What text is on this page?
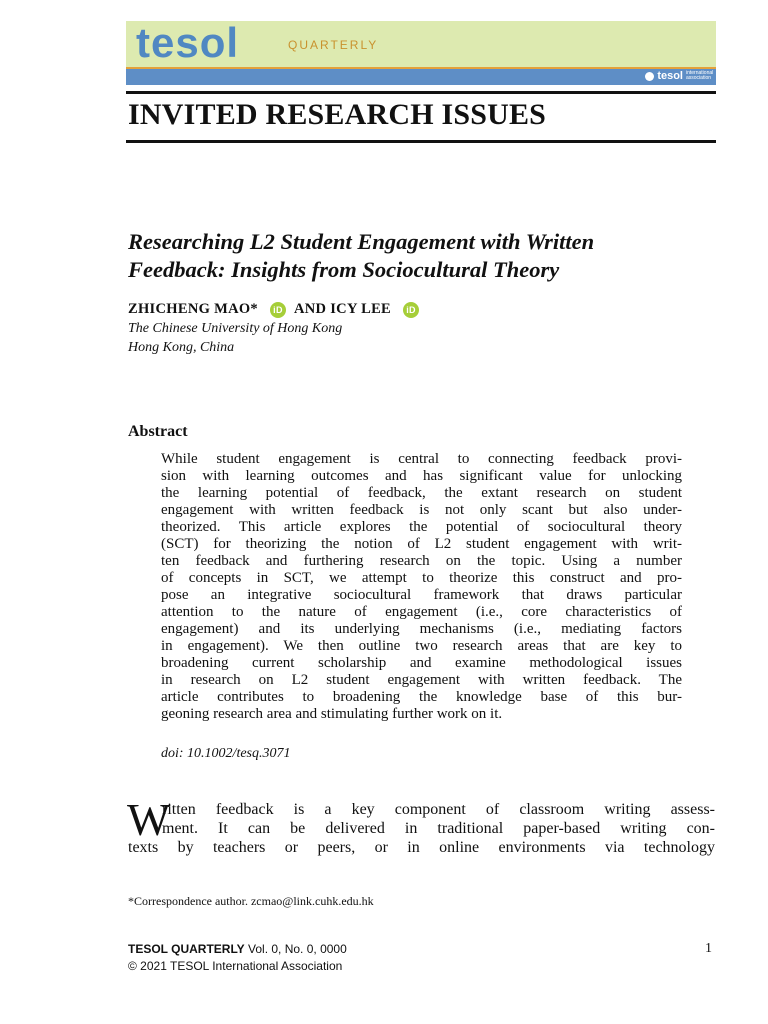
tesol	QUARTERLY
tesol international association
INVITED RESEARCH ISSUES
Researching L2 Student Engagement with Written
Feedback: Insights from Sociocultural Theory
ZHICHENG MAO*	iD AND ICY LEE	iD
The Chinese University of Hong Kong
Hong Kong, China
Abstract
While student engagement is central to connecting feedback provi-
sion with learning outcomes and has significant value for unlocking
the learning potential of feedback, the extant research on student
engagement with written feedback is not only scant but also under-
theorized. This article explores the potential of sociocultural theory
(SCT) for theorizing the notion of L2 student engagement with writ-
ten feedback and furthering research on the topic. Using a number
of concepts in SCT, we attempt to theorize this construct and pro-
pose an integrative sociocultural framework that draws particular
attention to the nature of engagement (i.e., core characteristics of
engagement) and its underlying mechanisms (i.e., mediating factors
in engagement). We then outline two research areas that are key to
broadening current scholarship and examine methodological issues
in research on L2 student engagement with written feedback. The
article contributes to broadening the knowledge base of this bur-
geoning research area and stimulating further work on it.
doi: 10.1002/tesq.3071
W
ritten feedback is a key component of classroom writing assess-
ment. It can be delivered in traditional paper-based writing con-
texts by teachers or peers, or in online environments via technology
*Correspondence author. zcmao@link.cuhk.edu.hk
TESOL QUARTERLY Vol. 0, No. 0, 0000
© 2021 TESOL International Association
1
